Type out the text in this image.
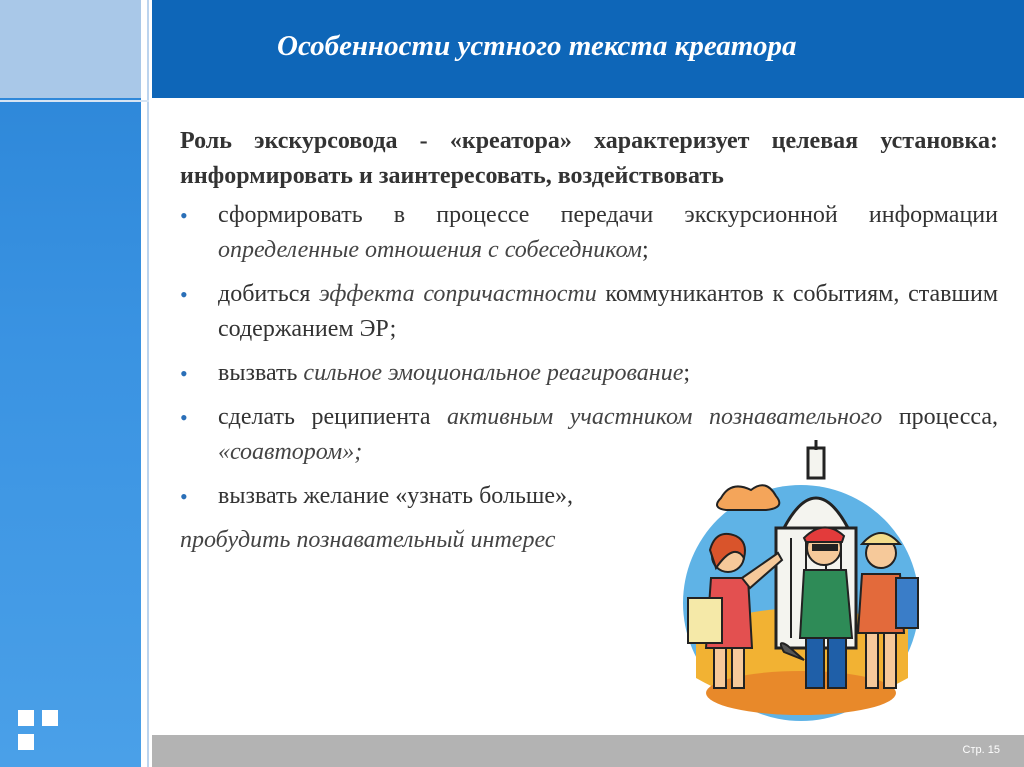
Особенности устного текста креатора

Роль экскурсовода - «креатора» характеризует целевая установка: информировать и заинтересовать, воздействовать

• сформировать в процессе передачи экскурсионной информации определенные отношения с собеседником;
• добиться эффекта сопричастности коммуникантов к событиям, ставшим содержанием ЭР;
• вызвать сильное эмоциональное реагирование;
• сделать реципиента активным участником познавательного процесса, «соавтором»;
• вызвать желание «узнать больше»,

пробудить познавательный интерес

Стр. 15
